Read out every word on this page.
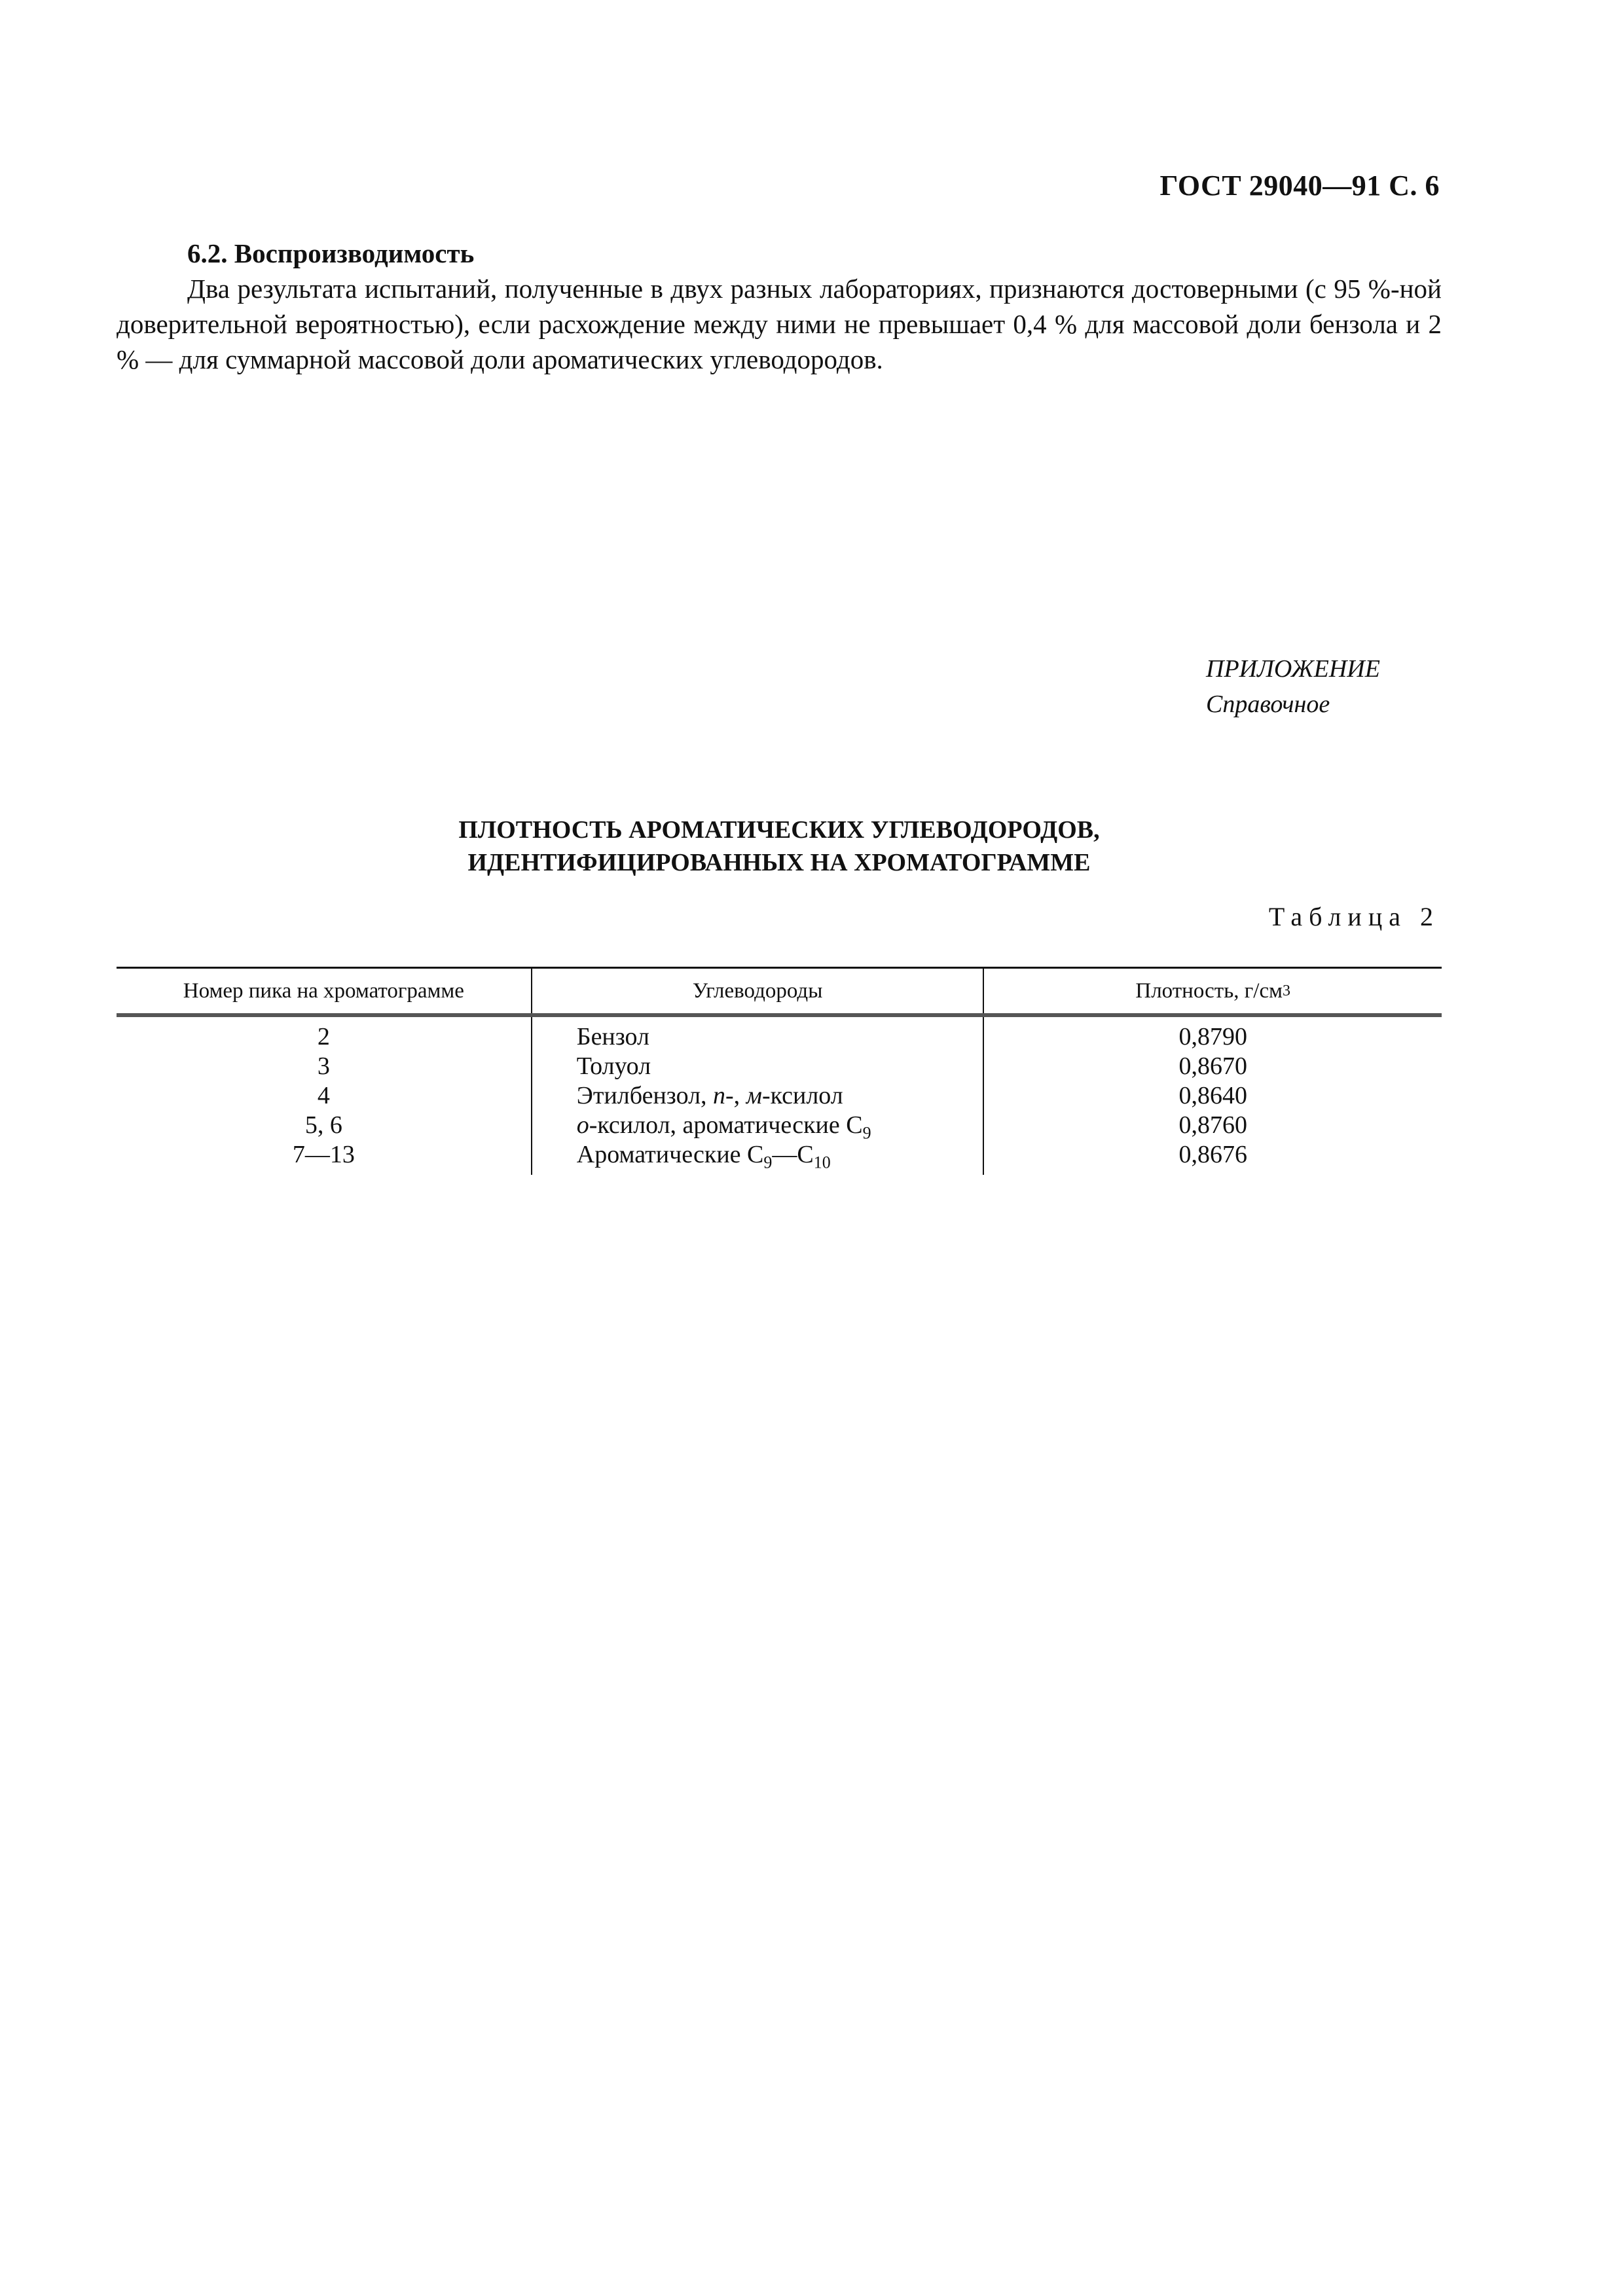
ГОСТ 29040—91 С. 6
6.2. Воспроизводимость
Два результата испытаний, полученные в двух разных лабораториях, признаются достоверными (с 95 %-ной доверительной вероятностью), если расхождение между ними не превышает 0,4 % для массовой доли бензола и 2 % — для суммарной массовой доли ароматических углеводородов.
ПРИЛОЖЕНИЕ
Справочное
ПЛОТНОСТЬ АРОМАТИЧЕСКИХ УГЛЕВОДОРОДОВ,
ИДЕНТИФИЦИРОВАННЫХ НА ХРОМАТОГРАММЕ
Таблица 2
Номер пика на хроматограмме	Углеводороды	Плотность, г/см 3
2
3
4
5, 6
7—13
Бензол
Толуол
Этилбензол, п-, м-ксилол
о-ксилол, ароматические $С_9$
Ароматические $С_9—С_{10}$
0,8790
0,8670
0,8640
0,8760
0,8676
